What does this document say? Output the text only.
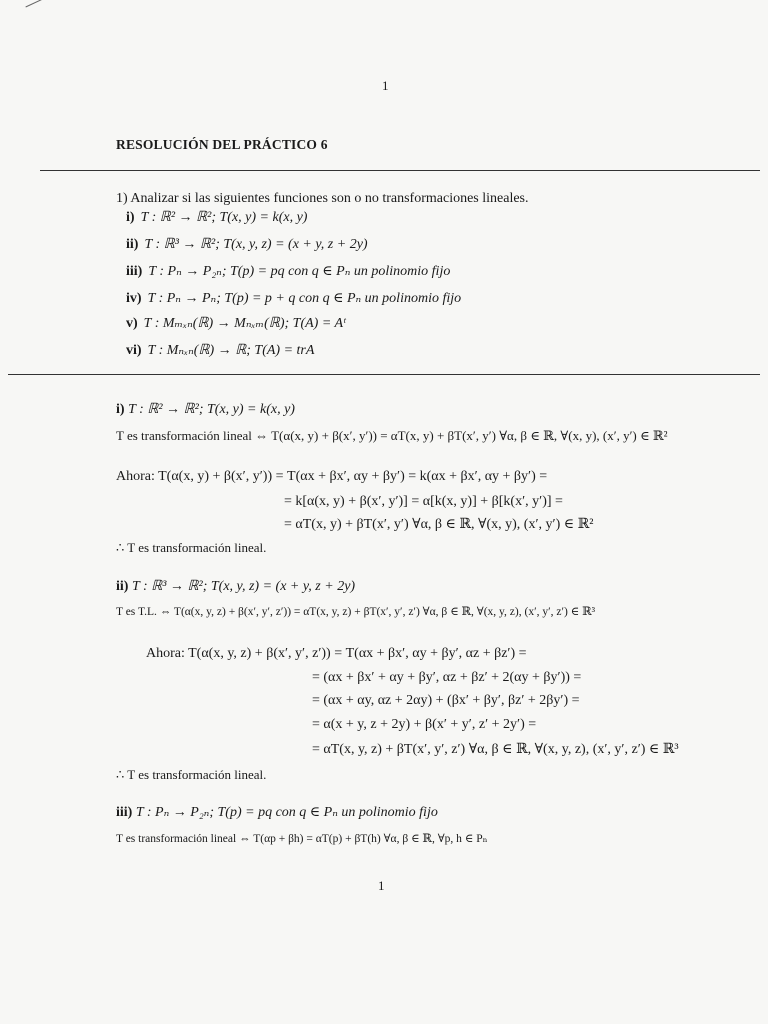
1
RESOLUCIÓN DEL PRÁCTICO 6
1) Analizar si las siguientes funciones son o no transformaciones lineales.
i) T : ℝ² → ℝ²; T(x, y) = k(x, y)
ii) T : ℝ³ → ℝ²; T(x, y, z) = (x + y, z + 2y)
iii) T : Pₙ → P₂ₙ; T(p) = pq con q ∈ Pₙ un polinomio fijo
iv) T : Pₙ → Pₙ; T(p) = p + q con q ∈ Pₙ un polinomio fijo
v) T : Mₘₓₙ(ℝ) → Mₙₓₘ(ℝ); T(A) = Aᵗ
vi) T : Mₙₓₙ(ℝ) → ℝ; T(A) = trA
i) T : ℝ² → ℝ²; T(x, y) = k(x, y)
T es transformación lineal ⇔ T(α(x, y) + β(x′, y′)) = αT(x, y) + βT(x′, y′) ∀α, β ∈ ℝ, ∀(x, y), (x′, y′) ∈ ℝ²
Ahora: T(α(x, y) + β(x′, y′)) = T(αx + βx′, αy + βy′) = k(αx + βx′, αy + βy′) =
= k[α(x, y) + β(x′, y′)] = α[k(x, y)] + β[k(x′, y′)] =
= αT(x, y) + βT(x′, y′) ∀α, β ∈ ℝ, ∀(x, y), (x′, y′) ∈ ℝ²
∴ T es transformación lineal.
ii) T : ℝ³ → ℝ²; T(x, y, z) = (x + y, z + 2y)
T es T.L. ⇔ T(α(x, y, z) + β(x′, y′, z′)) = αT(x, y, z) + βT(x′, y′, z′) ∀α, β ∈ ℝ, ∀(x, y, z), (x′, y′, z′) ∈ ℝ³
Ahora: T(α(x, y, z) + β(x′, y′, z′)) = T(αx + βx′, αy + βy′, αz + βz′) =
= (αx + βx′ + αy + βy′, αz + βz′ + 2(αy + βy′)) =
= (αx + αy, αz + 2αy) + (βx′ + βy′, βz′ + 2βy′) =
= α(x + y, z + 2y) + β(x′ + y′, z′ + 2y′) =
= αT(x, y, z) + βT(x′, y′, z′) ∀α, β ∈ ℝ, ∀(x, y, z), (x′, y′, z′) ∈ ℝ³
∴ T es transformación lineal.
iii) T : Pₙ → P₂ₙ; T(p) = pq con q ∈ Pₙ un polinomio fijo
T es transformación lineal ⇔ T(αp + βh) = αT(p) + βT(h) ∀α, β ∈ ℝ, ∀p, h ∈ Pₙ
1
